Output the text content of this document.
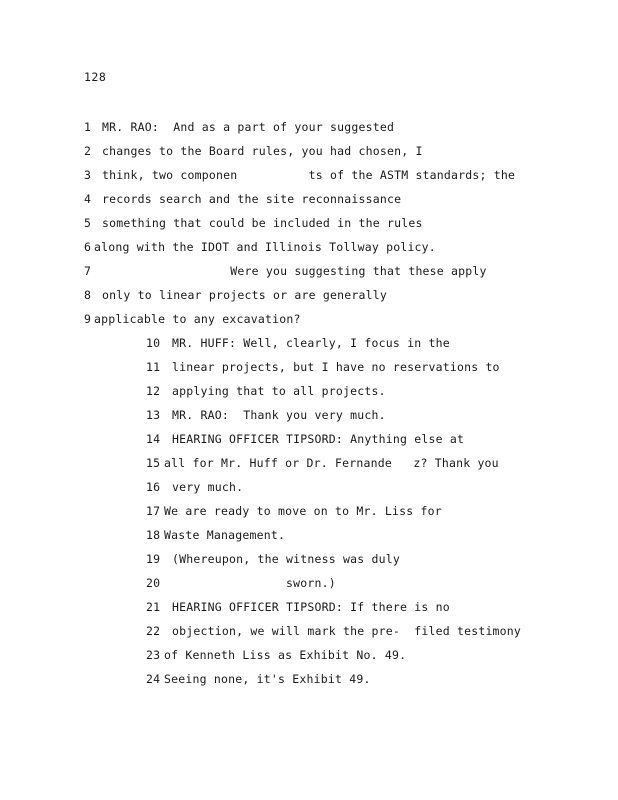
128
1 MR. RAO:  And as a part of your suggested
2 changes to the Board rules, you had chosen, I
3 think, two componen          ts of the ASTM standards; the
4 records search and the site reconnaissance
5 something that could be included in the rules
6 along with the IDOT and Illinois Tollway policy.
7                  Were you suggesting that these apply
8 only to linear projects or are generally
9 applicable to any excavation?
10 MR. HUFF: Well, clearly, I focus in the
11 linear projects, but I have no reservations to
12 applying that to all projects.
13 MR. RAO:  Thank you very much.
14 HEARING OFFICER TIPSORD: Anything else at
15 all for Mr. Huff or Dr. Fernande   z? Thank you
16 very much.
17 We are ready to move on to Mr. Liss for
18 Waste Management.
19 (Whereupon, the witness was duly
20                sworn.)
21 HEARING OFFICER TIPSORD: If there is no
22 objection, we will mark the pre-  filed testimony
23 of Kenneth Liss as Exhibit No. 49.
24 Seeing none, it's Exhibit 49.
